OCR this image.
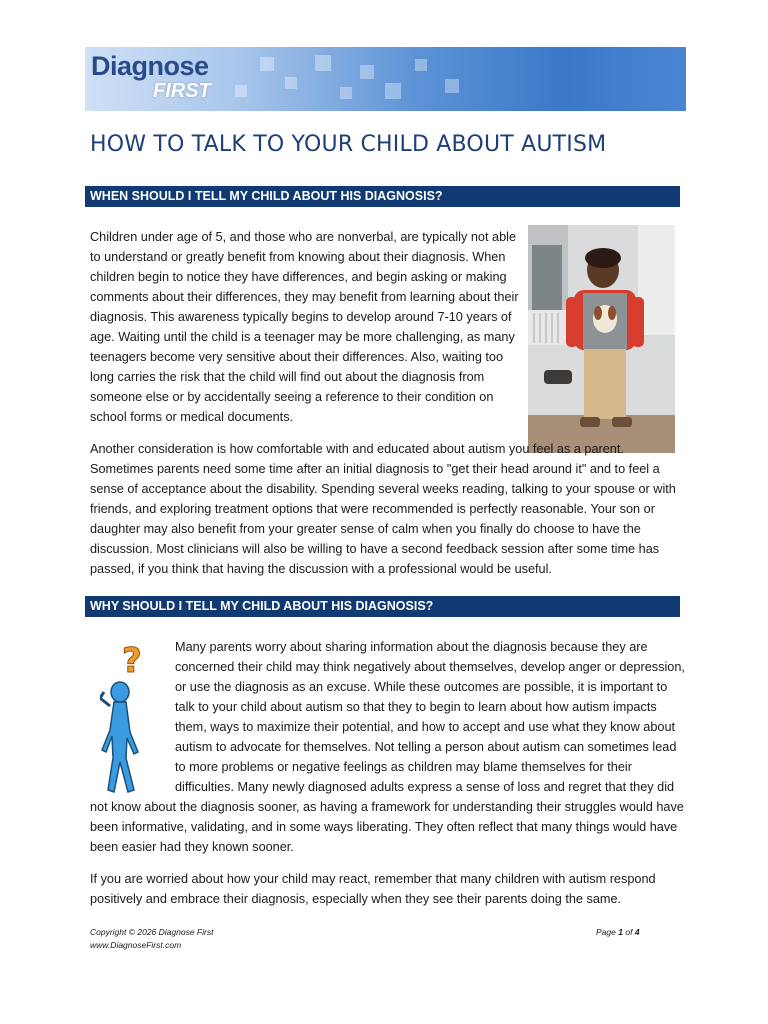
Diagnose
FIRST
HOW TO TALK TO YOUR CHILD ABOUT AUTISM
WHEN SHOULD I TELL MY CHILD ABOUT HIS DIAGNOSIS?
Children under age of 5, and those who are nonverbal, are typically not able to understand or greatly benefit from knowing about their diagnosis. When children begin to notice they have differences, and begin asking or making comments about their differences, they may benefit from learning about their diagnosis. This awareness typically begins to develop around 7-10 years of age. Waiting until the child is a teenager may be more challenging, as many teenagers become very sensitive about their differences. Also, waiting too long carries the risk that the child will find out about the diagnosis from someone else or by accidentally seeing a reference to their condition on school forms or medical documents.
Another consideration is how comfortable with and educated about autism you feel as a parent. Sometimes parents need some time after an initial diagnosis to "get their head around it" and to feel a sense of acceptance about the disability. Spending several weeks reading, talking to your spouse or with friends, and exploring treatment options that were recommended is perfectly reasonable. Your son or daughter may also benefit from your greater sense of calm when you finally do choose to have the discussion. Most clinicians will also be willing to have a second feedback session after some time has passed, if you think that having the discussion with a professional would be useful.
WHY SHOULD I TELL MY CHILD ABOUT HIS DIAGNOSIS?
?	Many parents worry about sharing information about the diagnosis because they are concerned their child may think negatively about themselves, develop anger or depression, or use the diagnosis as an excuse. While these outcomes are possible, it is important to talk to your child about autism so that they to begin to learn about how autism impacts them, ways to maximize their potential, and how to accept and use what they know about autism to advocate for themselves. Not telling a person about autism can sometimes lead to more problems or negative feelings as children may blame themselves for their difficulties. Many newly diagnosed adults express a sense of loss and regret that they did not know about the diagnosis sooner, as having a framework for understanding their struggles would have been informative, validating, and in some ways liberating. They often reflect that many things would have been easier had they known sooner.
If you are worried about how your child may react, remember that many children with autism respond positively and embrace their diagnosis, especially when they see their parents doing the same.
Copyright © 2026 Diagnose First
www.DiagnoseFirst.com
Page 1 of 4
